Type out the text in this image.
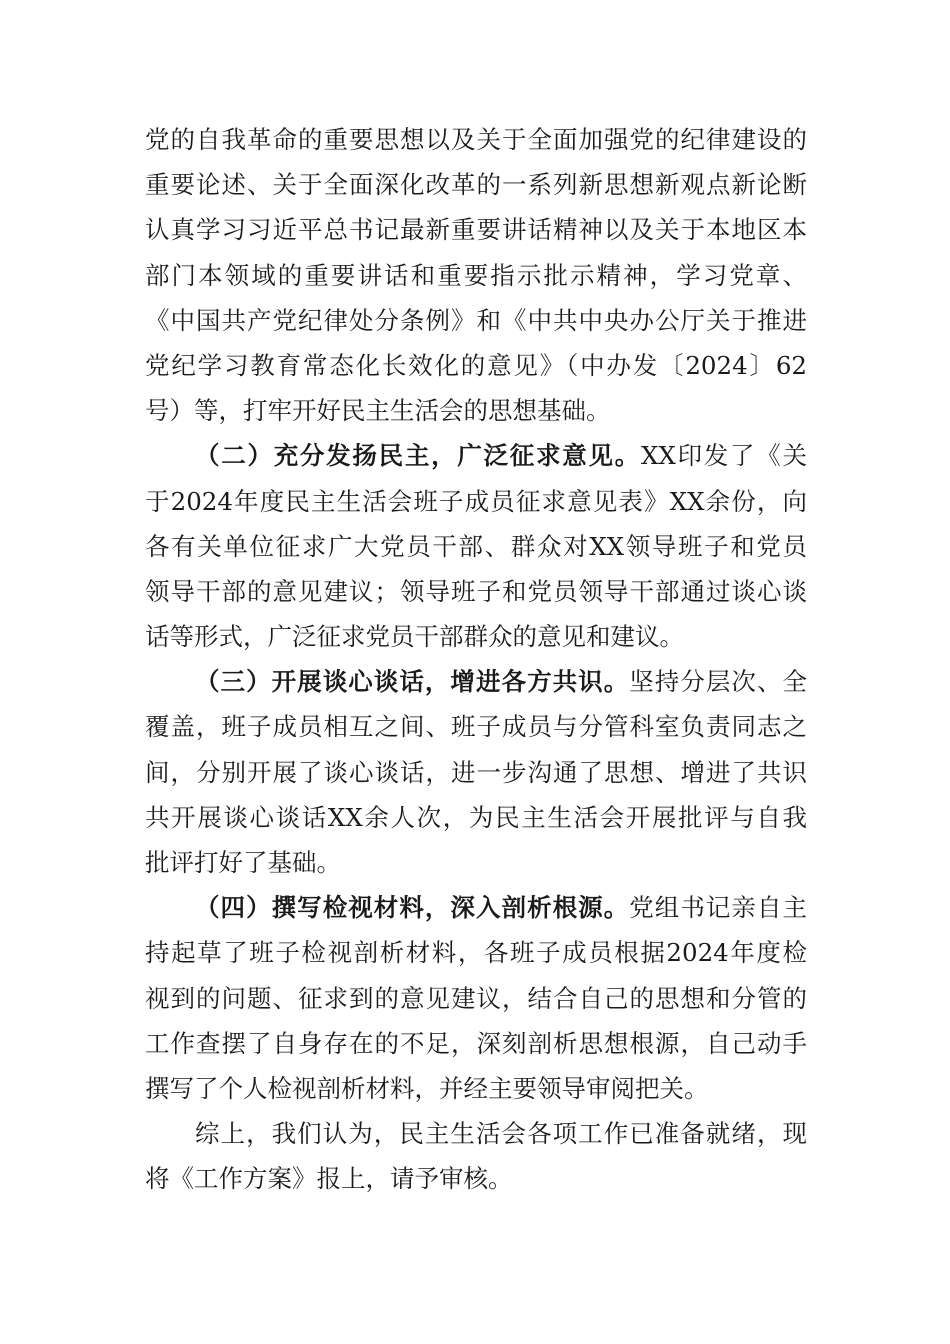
党的自我革命的重要思想以及关于全面加强党的纪律建设的
重要论述、关于全面深化改革的一系列新思想新观点新论断
认真学习习近平总书记最新重要讲话精神以及关于本地区本
部门本领域的重要讲话和重要指示批示精神，学习党章、
《中国共产党纪律处分条例》和《中共中央办公厅关于推进
党纪学习教育常态化长效化的意见》（中办发〔2024〕62
号）等，打牢开好民主生活会的思想基础。
（二）充分发扬民主，广泛征求意见。XX印发了《关
于2024年度民主生活会班子成员征求意见表》XX余份，向
各有关单位征求广大党员干部、群众对XX领导班子和党员
领导干部的意见建议；领导班子和党员领导干部通过谈心谈
话等形式，广泛征求党员干部群众的意见和建议。
（三）开展谈心谈话，增进各方共识。坚持分层次、全
覆盖，班子成员相互之间、班子成员与分管科室负责同志之
间，分别开展了谈心谈话，进一步沟通了思想、增进了共识
共开展谈心谈话XX余人次，为民主生活会开展批评与自我
批评打好了基础。
（四）撰写检视材料，深入剖析根源。党组书记亲自主
持起草了班子检视剖析材料，各班子成员根据2024年度检
视到的问题、征求到的意见建议，结合自己的思想和分管的
工作查摆了自身存在的不足，深刻剖析思想根源，自己动手
撰写了个人检视剖析材料，并经主要领导审阅把关。
综上，我们认为，民主生活会各项工作已准备就绪，现
将《工作方案》报上，请予审核。
